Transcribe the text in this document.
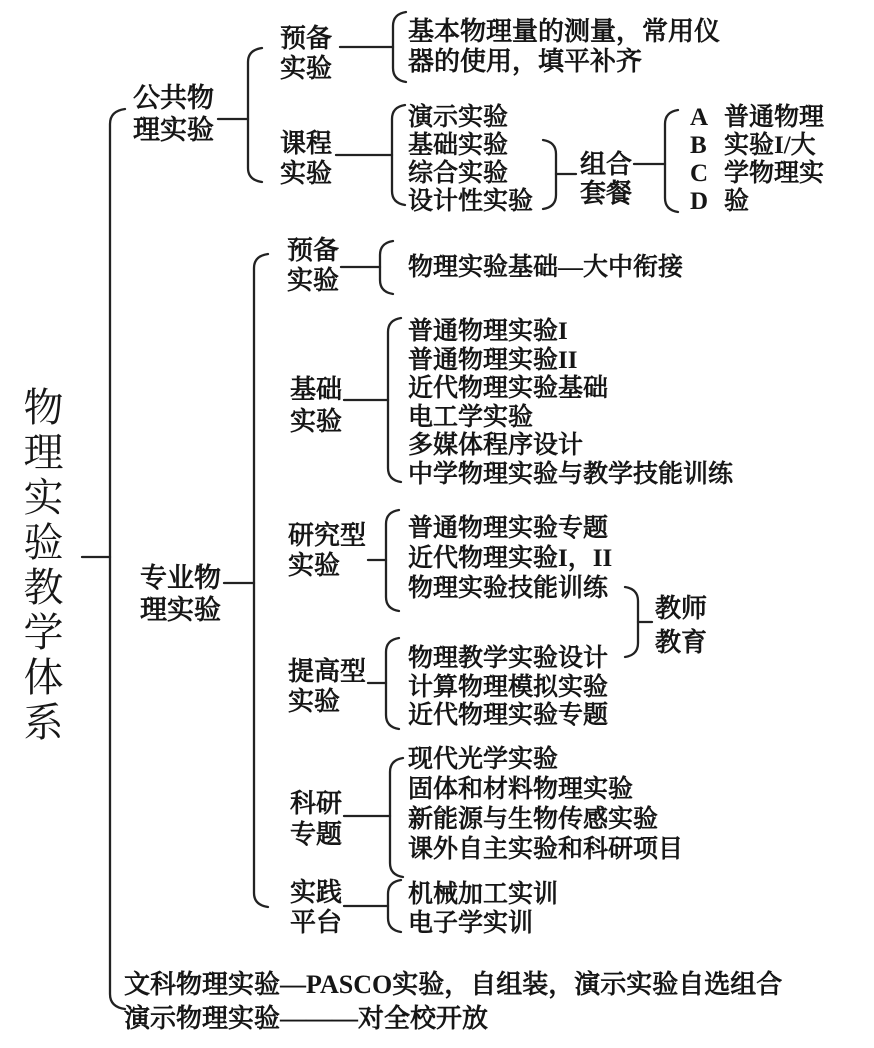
物理实验教学体系
公共物
理实验
预备
实验
基本物理量的测量，常用仪
器的使用，填平补齐
课程
实验
演示实验
基础实验
综合实验
设计性实验
组合
套餐
A
B
C
D
普通物理
实验I/大
学物理实
验
专业物
理实验
预备
实验	物理实验基础—大中衔接
基础
实验
普通物理实验I
普通物理实验II
近代物理实验基础
电工学实验
多媒体程序设计
中学物理实验与教学技能训练
研究型
实验
普通物理实验专题
近代物理实验I，II
物理实验技能训练
提高型
实验
物理教学实验设计
计算物理模拟实验
近代物理实验专题
教师
教育
科研
专题
现代光学实验
固体和材料物理实验
新能源与生物传感实验
课外自主实验和科研项目
实践
平台
机械加工实训
电子学实训
文科物理实验—PASCO实验，自组装，演示实验自选组合
演示物理实验———对全校开放
